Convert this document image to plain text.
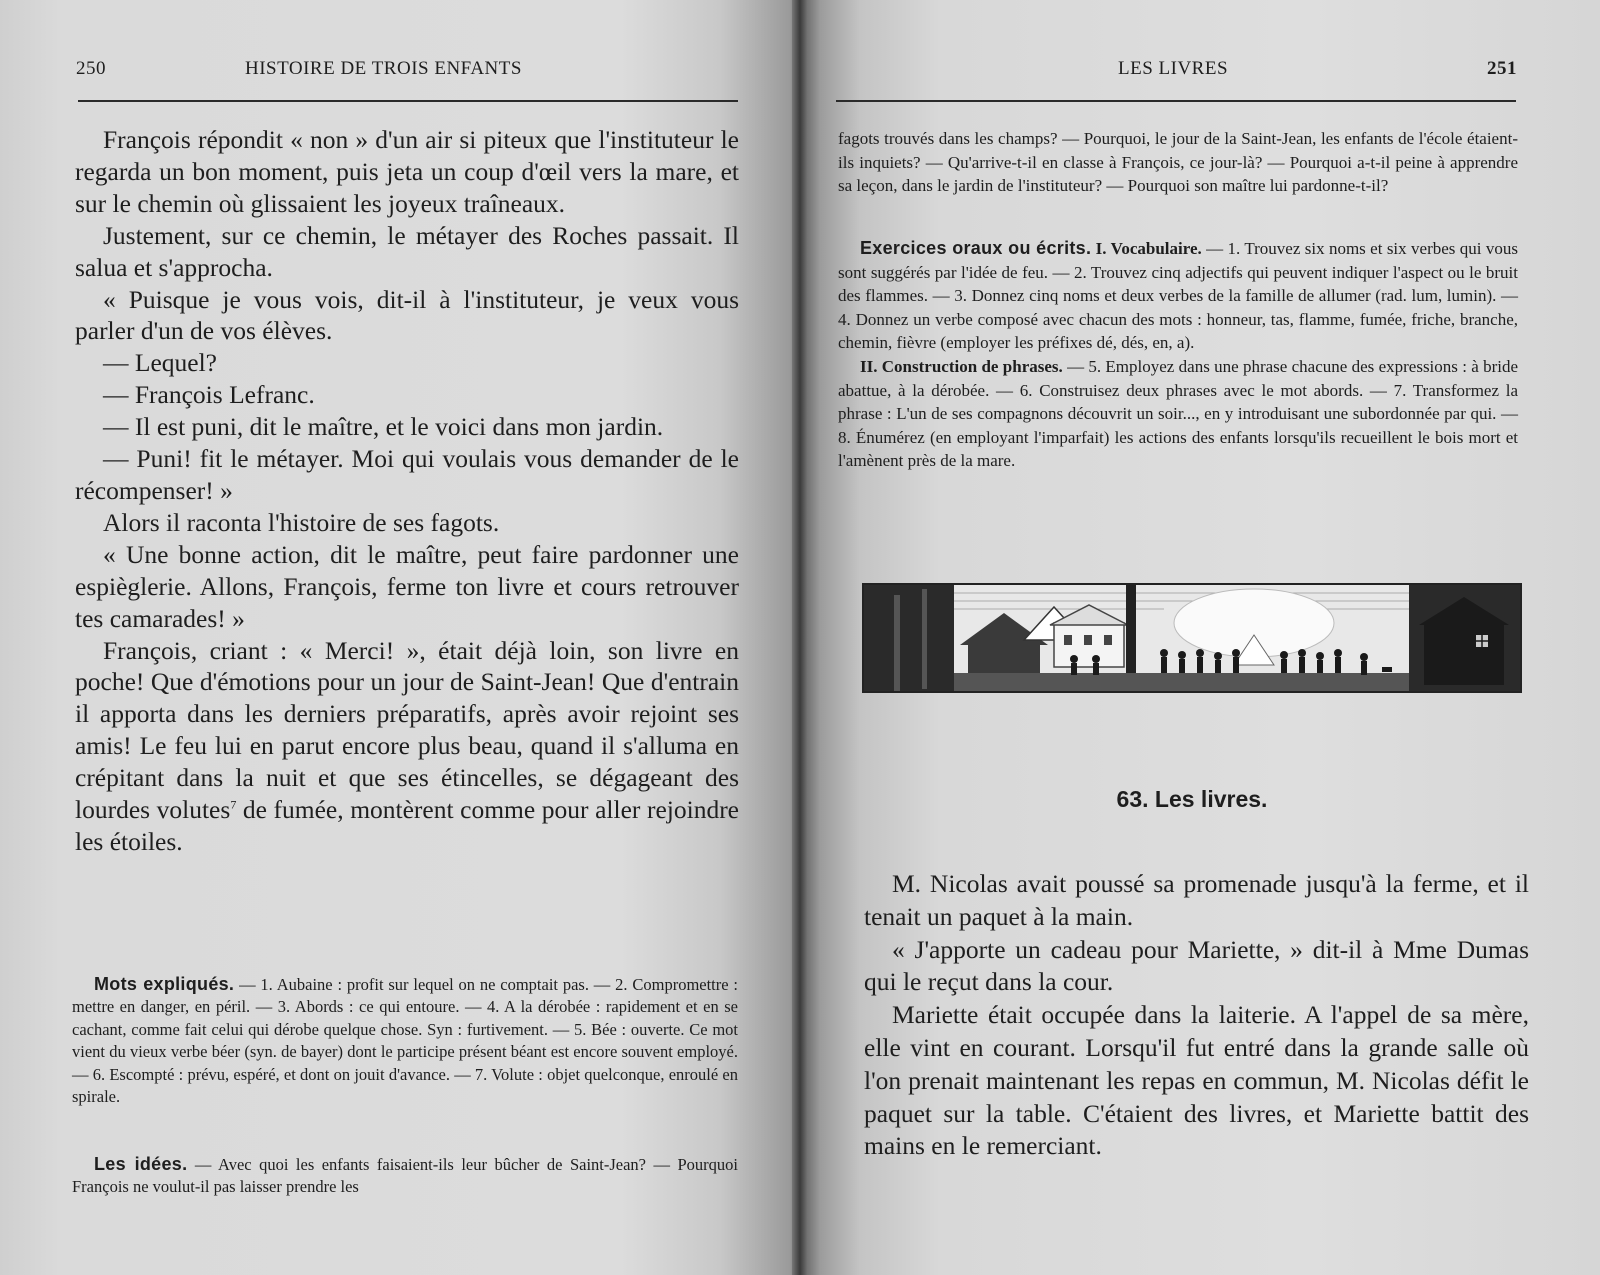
250	HISTOIRE DE TROIS ENFANTS

François répondit « non » d'un air si piteux que l'instituteur le regarda un bon moment, puis jeta un coup d'œil vers la mare, et sur le chemin où glissaient les joyeux traîneaux.

Justement, sur ce chemin, le métayer des Roches passait. Il salua et s'approcha.

« Puisque je vous vois, dit-il à l'instituteur, je veux vous parler d'un de vos élèves.

— Lequel?

— François Lefranc.

— Il est puni, dit le maître, et le voici dans mon jardin.

— Puni! fit le métayer. Moi qui voulais vous demander de le récompenser! »

Alors il raconta l'histoire de ses fagots.

« Une bonne action, dit le maître, peut faire pardonner une espièglerie. Allons, François, ferme ton livre et cours retrouver tes camarades! »

François, criant : « Merci! », était déjà loin, son livre en poche! Que d'émotions pour un jour de Saint-Jean! Que d'entrain il apporta dans les derniers préparatifs, après avoir rejoint ses amis! Le feu lui en parut encore plus beau, quand il s'alluma en crépitant dans la nuit et que ses étincelles, se dégageant des lourdes volutes$^7$ de fumée, montèrent comme pour aller rejoindre les étoiles.

Mots expliqués. — 1. Aubaine : profit sur lequel on ne comptait pas. — 2. Compromettre : mettre en danger, en péril. — 3. Abords : ce qui entoure. — 4. A la dérobée : rapidement et en se cachant, comme fait celui qui dérobe quelque chose. Syn : furtivement. — 5. Bée : ouverte. Ce mot vient du vieux verbe béer (syn. de bayer) dont le participe présent béant est encore souvent employé. — 6. Escompté : prévu, espéré, et dont on jouit d'avance. — 7. Volute : objet quelconque, enroulé en spirale.

Les idées. — Avec quoi les enfants faisaient-ils leur bûcher de Saint-Jean? — Pourquoi François ne voulut-il pas laisser prendre les

LES LIVRES	251

fagots trouvés dans les champs? — Pourquoi, le jour de la Saint-Jean, les enfants de l'école étaient-ils inquiets? — Qu'arrive-t-il en classe à François, ce jour-là? — Pourquoi a-t-il peine à apprendre sa leçon, dans le jardin de l'instituteur? — Pourquoi son maître lui pardonne-t-il?

Exercices oraux ou écrits. I. Vocabulaire. — 1. Trouvez six noms et six verbes qui vous sont suggérés par l'idée de feu. — 2. Trouvez cinq adjectifs qui peuvent indiquer l'aspect ou le bruit des flammes. — 3. Donnez cinq noms et deux verbes de la famille de allumer (rad. lum, lumin). — 4. Donnez un verbe composé avec chacun des mots : honneur, tas, flamme, fumée, friche, branche, chemin, fièvre (employer les préfixes dé, dés, en, a).

II. Construction de phrases. — 5. Employez dans une phrase chacune des expressions : à bride abattue, à la dérobée. — 6. Construisez deux phrases avec le mot abords. — 7. Transformez la phrase : L'un de ses compagnons découvrit un soir..., en y introduisant une subordonnée par qui. — 8. Énumérez (en employant l'imparfait) les actions des enfants lorsqu'ils recueillent le bois mort et l'amènent près de la mare.

63. Les livres.

M. Nicolas avait poussé sa promenade jusqu'à la ferme, et il tenait un paquet à la main.

« J'apporte un cadeau pour Mariette, » dit-il à Mme Dumas qui le reçut dans la cour.

Mariette était occupée dans la laiterie. A l'appel de sa mère, elle vint en courant. Lorsqu'il fut entré dans la grande salle où l'on prenait maintenant les repas en commun, M. Nicolas défit le paquet sur la table. C'étaient des livres, et Mariette battit des mains en le remerciant.
